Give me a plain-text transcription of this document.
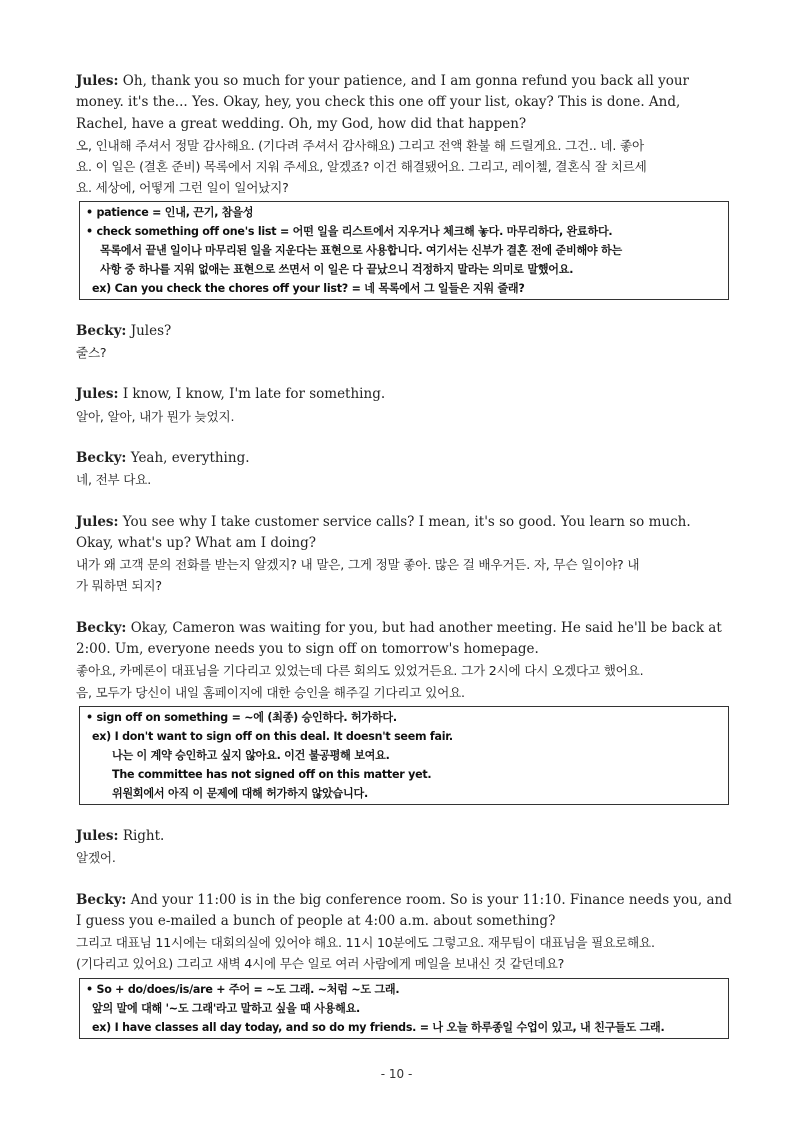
Jules: Oh, thank you so much for your patience, and I am gonna refund you back all your

money. it's the... Yes. Okay, hey, you check this one off your list, okay? This is done. And,

Rachel, have a great wedding. Oh, my God, how did that happen?

오, 인내해 주셔서 정말 감사해요. (기다려 주셔서 감사해요) 그리고 전액 환불 해 드릴게요. 그건.. 네. 좋아

요. 이 일은 (결혼 준비) 목록에서 지워 주세요, 알겠죠? 이건 해결됐어요. 그리고, 레이첼, 결혼식 잘 치르세

요. 세상에, 어떻게 그런 일이 일어났지?

• patience = 인내, 끈기, 참을성
• check something off one's list = 어떤 일을 리스트에서 지우거나 체크해 놓다. 마무리하다, 완료하다.
목록에서 끝낸 일이나 마무리된 일을 지운다는 표현으로 사용합니다. 여기서는 신부가 결혼 전에 준비해야 하는
사항 중 하나를 지워 없애는 표현으로 쓰면서 이 일은 다 끝났으니 걱정하지 말라는 의미로 말했어요.
ex) Can you check the chores off your list? = 네 목록에서 그 일들은 지워 줄래?

Becky: Jules?

줄스?

Jules: I know, I know, I'm late for something.

알아, 알아, 내가 뭔가 늦었지.

Becky: Yeah, everything.

네, 전부 다요.

Jules: You see why I take customer service calls? I mean, it's so good. You learn so much.

Okay, what's up? What am I doing?

내가 왜 고객 문의 전화를 받는지 알겠지? 내 말은, 그게 정말 좋아. 많은 걸 배우거든. 자, 무슨 일이야? 내

가 뭐하면 되지?

Becky: Okay, Cameron was waiting for you, but had another meeting. He said he'll be back at

2:00. Um, everyone needs you to sign off on tomorrow's homepage.

좋아요, 카메론이 대표님을 기다리고 있었는데 다른 회의도 있었거든요. 그가 2시에 다시 오겠다고 했어요.

음, 모두가 당신이 내일 홈페이지에 대한 승인을 해주길 기다리고 있어요.

• sign off on something = ~에 (최종) 승인하다. 허가하다.
ex) I don't want to sign off on this deal. It doesn't seem fair.
나는 이 계약 승인하고 싶지 않아요. 이건 불공평해 보여요.
The committee has not signed off on this matter yet.
위원회에서 아직 이 문제에 대해 허가하지 않았습니다.

Jules: Right.

알겠어.

Becky: And your 11:00 is in the big conference room. So is your 11:10. Finance needs you, and

I guess you e-mailed a bunch of people at 4:00 a.m. about something?

그리고 대표님 11시에는 대회의실에 있어야 해요. 11시 10분에도 그렇고요. 재무팀이 대표님을 필요로해요.

(기다리고 있어요) 그리고 새벽 4시에 무슨 일로 여러 사람에게 메일을 보내신 것 같던데요?

• So + do/does/is/are + 주어 = ~도 그래. ~처럼 ~도 그래.
앞의 말에 대해 '~도 그래'라고 말하고 싶을 때 사용해요.
ex) I have classes all day today, and so do my friends. = 나 오늘 하루종일 수업이 있고, 내 친구들도 그래.
- 10 -
